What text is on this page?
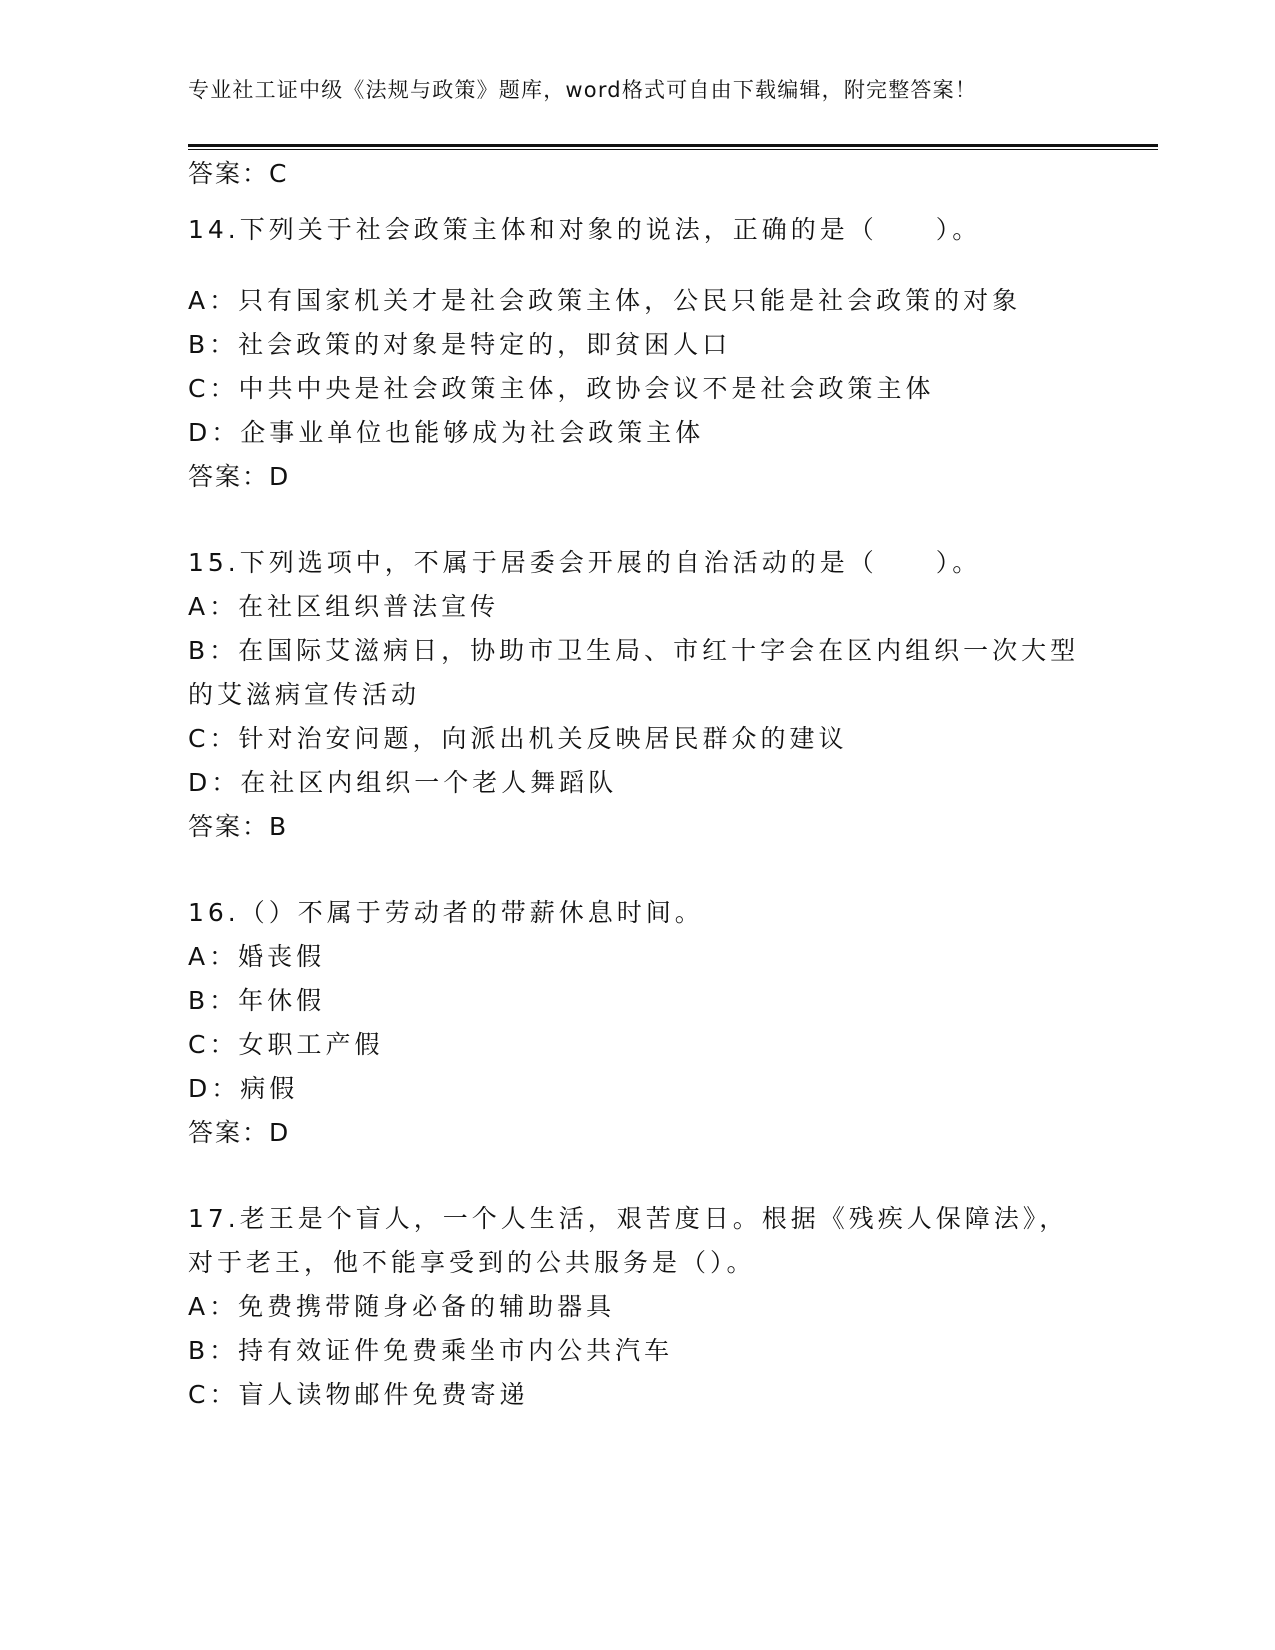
专业社工证中级《法规与政策》题库，word格式可自由下载编辑，附完整答案！
答案：C
14.下列关于社会政策主体和对象的说法，正确的是（　　）。
A：只有国家机关才是社会政策主体，公民只能是社会政策的对象
B：社会政策的对象是特定的，即贫困人口
C：中共中央是社会政策主体，政协会议不是社会政策主体
D：企事业单位也能够成为社会政策主体
答案：D
15.下列选项中，不属于居委会开展的自治活动的是（　　）。
A：在社区组织普法宣传
B：在国际艾滋病日，协助市卫生局、市红十字会在区内组织一次大型
的艾滋病宣传活动
C：针对治安问题，向派出机关反映居民群众的建议
D：在社区内组织一个老人舞蹈队
答案：B
16.（）不属于劳动者的带薪休息时间。
A：婚丧假
B：年休假
C：女职工产假
D：病假
答案：D
17.老王是个盲人，一个人生活，艰苦度日。根据《残疾人保障法》，
对于老王，他不能享受到的公共服务是（）。
A：免费携带随身必备的辅助器具
B：持有效证件免费乘坐市内公共汽车
C：盲人读物邮件免费寄递
